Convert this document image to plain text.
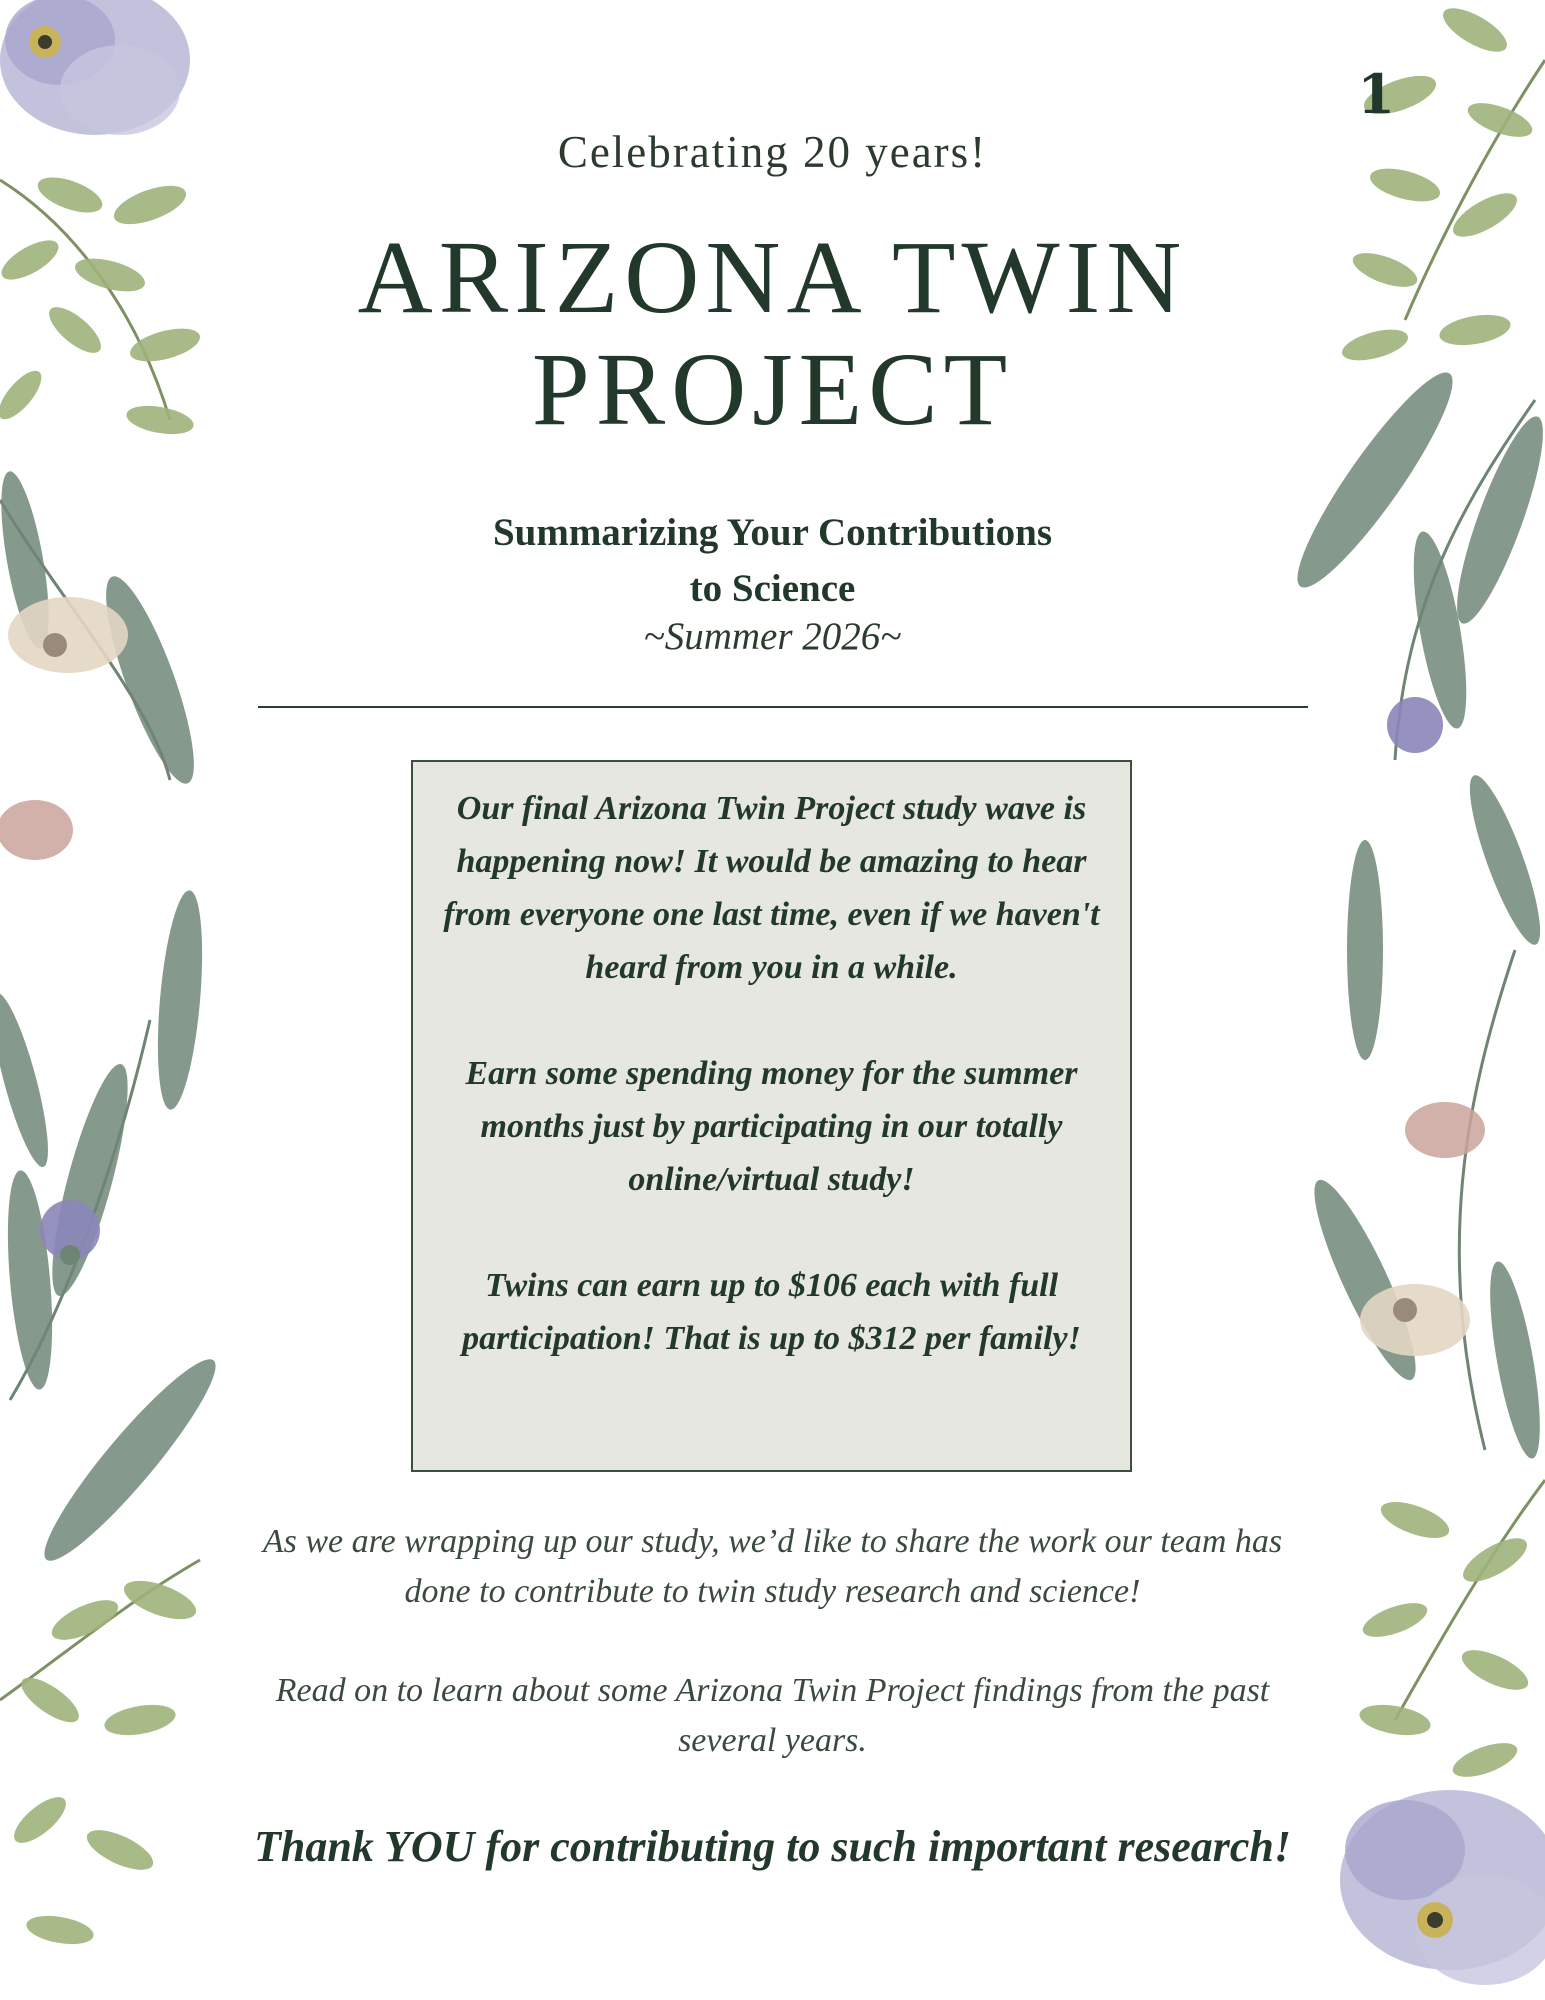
1
Celebrating 20 years!
ARIZONA TWIN
PROJECT
Summarizing Your Contributions
to Science
~Summer 2026~

Our final Arizona Twin Project study wave is happening now! It would be amazing to hear from everyone one last time, even if we haven't heard from you in a while.

Earn some spending money for the summer months just by participating in our totally online/virtual study!

Twins can earn up to $106 each with full participation! That is up to $312 per family!

As we are wrapping up our study, we’d like to share the work our team has done to contribute to twin study research and science!
Read on to learn about some Arizona Twin Project findings from the past several years.
Thank YOU for contributing to such important research!
